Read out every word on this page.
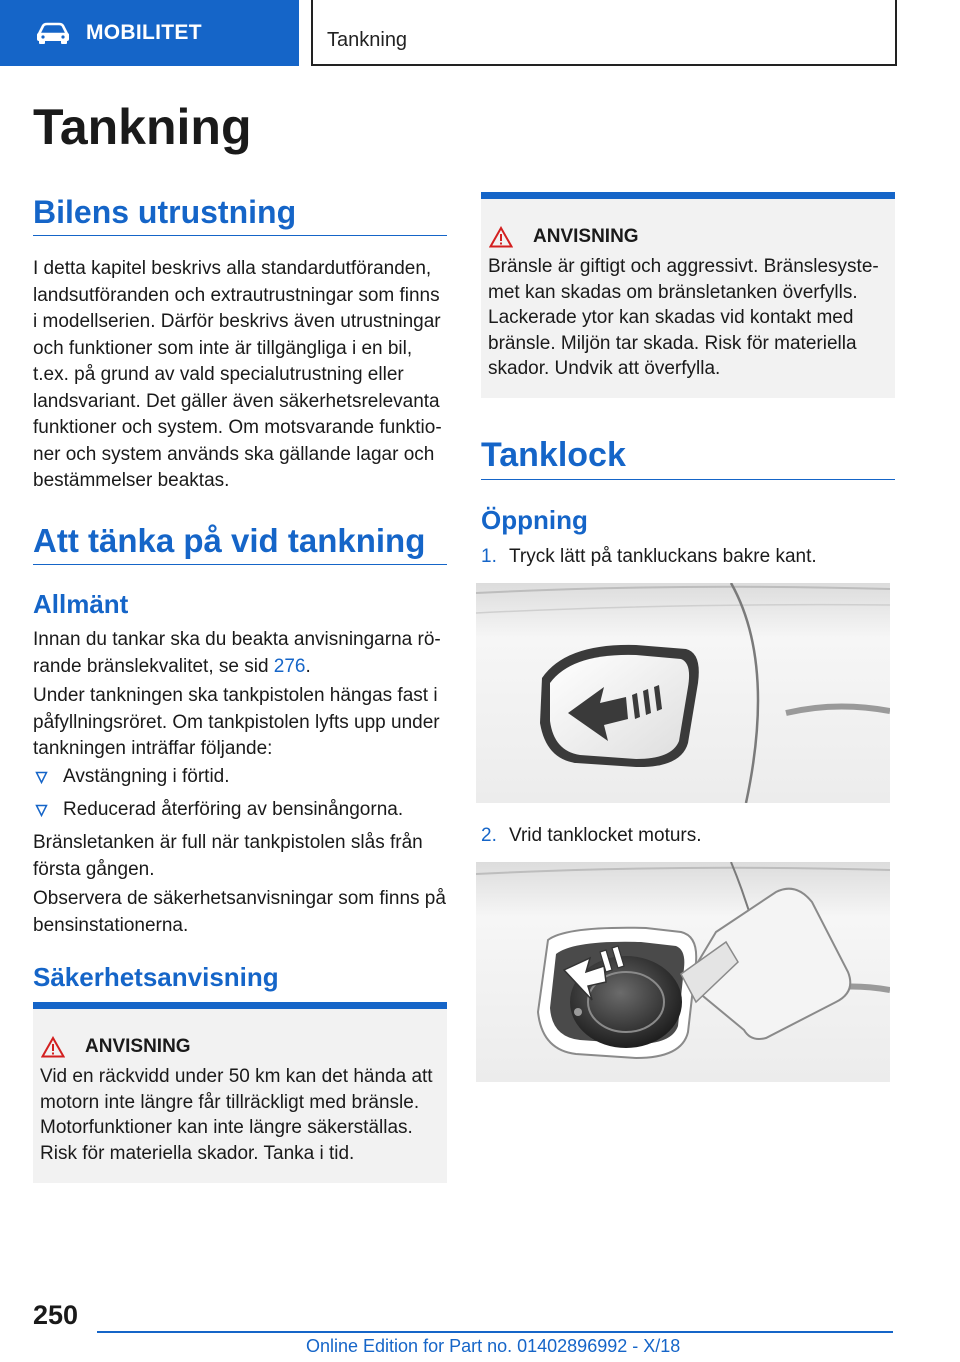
MOBILITET	Tankning
Tankning
Bilens utrustning
I detta kapitel beskrivs alla standardutföranden,
landsutföranden och extrautrustningar som finns
i modellserien. Därför beskrivs även utrustningar
och funktioner som inte är tillgängliga i en bil,
t.ex. på grund av vald specialutrustning eller
landsvariant. Det gäller även säkerhetsrelevanta
funktioner och system. Om motsvarande funktio‐
ner och system används ska gällande lagar och
bestämmelser beaktas.
Att tänka på vid tankning
Allmänt
Innan du tankar ska du beakta anvisningarna rö‐
rande bränslekvalitet, se sid 276.
Under tankningen ska tankpistolen hängas fast i
påfyllningsröret. Om tankpistolen lyfts upp under
tankningen inträffar följande:
Avstängning i förtid.
Reducerad återföring av bensinångorna.
Bränsletanken är full när tankpistolen slås från
första gången.
Observera de säkerhetsanvisningar som finns på
bensinstationerna.
Säkerhetsanvisning
ANVISNING
Vid en räckvidd under 50 km kan det hända att
motorn inte längre får tillräckligt med bränsle.
Motorfunktioner kan inte längre säkerställas.
Risk för materiella skador. Tanka i tid.
ANVISNING
Bränsle är giftigt och aggressivt. Bränslesyste‐
met kan skadas om bränsletanken överfylls.
Lackerade ytor kan skadas vid kontakt med
bränsle. Miljön tar skada. Risk för materiella
skador. Undvik att överfylla.
Tanklock
Öppning
1. Tryck lätt på tankluckans bakre kant.
2. Vrid tanklocket moturs.
250
Online Edition for Part no. 01402896992 - X/18
